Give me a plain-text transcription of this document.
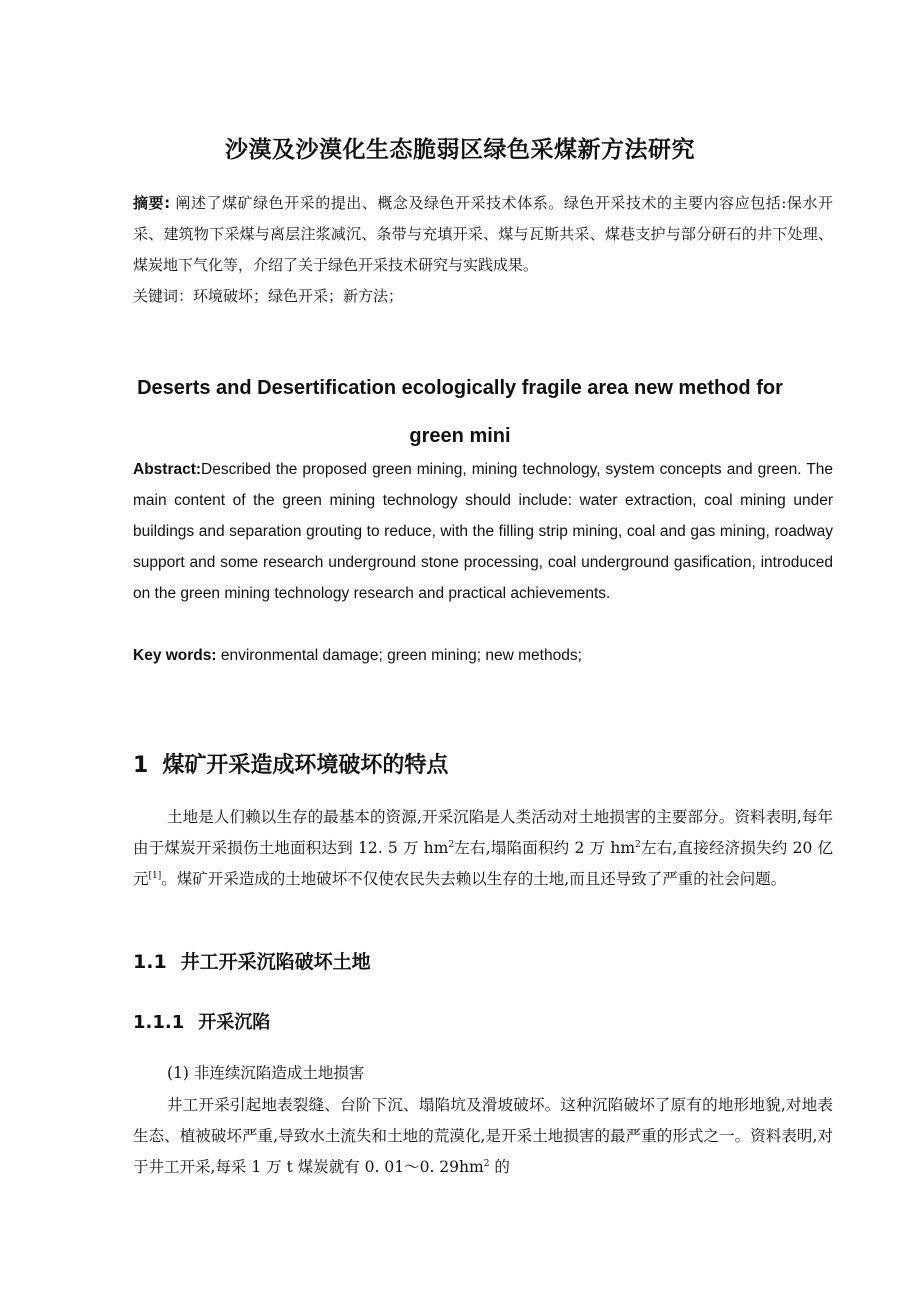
沙漠及沙漠化生态脆弱区绿色采煤新方法研究
摘要: 阐述了煤矿绿色开采的提出、概念及绿色开采技术体系。绿色开采技术的主要内容应包括:保水开采、建筑物下采煤与离层注浆减沉、条带与充填开采、煤与瓦斯共采、煤巷支护与部分研石的井下处理、煤炭地下气化等，介绍了关于绿色开采技术研究与实践成果。
关键词：环境破坏；绿色开采；新方法；
Deserts and Desertification ecologically fragile area new method for
green mini
Abstract:Described the proposed green mining, mining technology, system concepts and green. The main content of the green mining technology should include: water extraction, coal mining under buildings and separation grouting to reduce, with the filling strip mining, coal and gas mining, roadway support and some research underground stone processing, coal underground gasification, introduced on the green mining technology research and practical achievements.
Key words: environmental damage; green mining; new methods;
1 煤矿开采造成环境破坏的特点
土地是人们赖以生存的最基本的资源,开采沉陷是人类活动对土地损害的主要部分。资料表明,每年由于煤炭开采损伤土地面积达到 12. 5 万 $hm^2$左右,塌陷面积约 2 万 $hm^2$左右,直接经济损失约 20 亿元[1]。煤矿开采造成的土地破坏不仅使农民失去赖以生存的土地,而且还导致了严重的社会问题。
1.1 井工开采沉陷破坏土地
1.1.1 开采沉陷
(1) 非连续沉陷造成土地损害
井工开采引起地表裂缝、台阶下沉、塌陷坑及滑坡破坏。这种沉陷破坏了原有的地形地貌,对地表生态、植被破坏严重,导致水土流失和土地的荒漠化,是开采土地损害的最严重的形式之一。资料表明,对于井工开采,每采 1 万 t 煤炭就有 0. 01～0. $29hm^2$ 的
